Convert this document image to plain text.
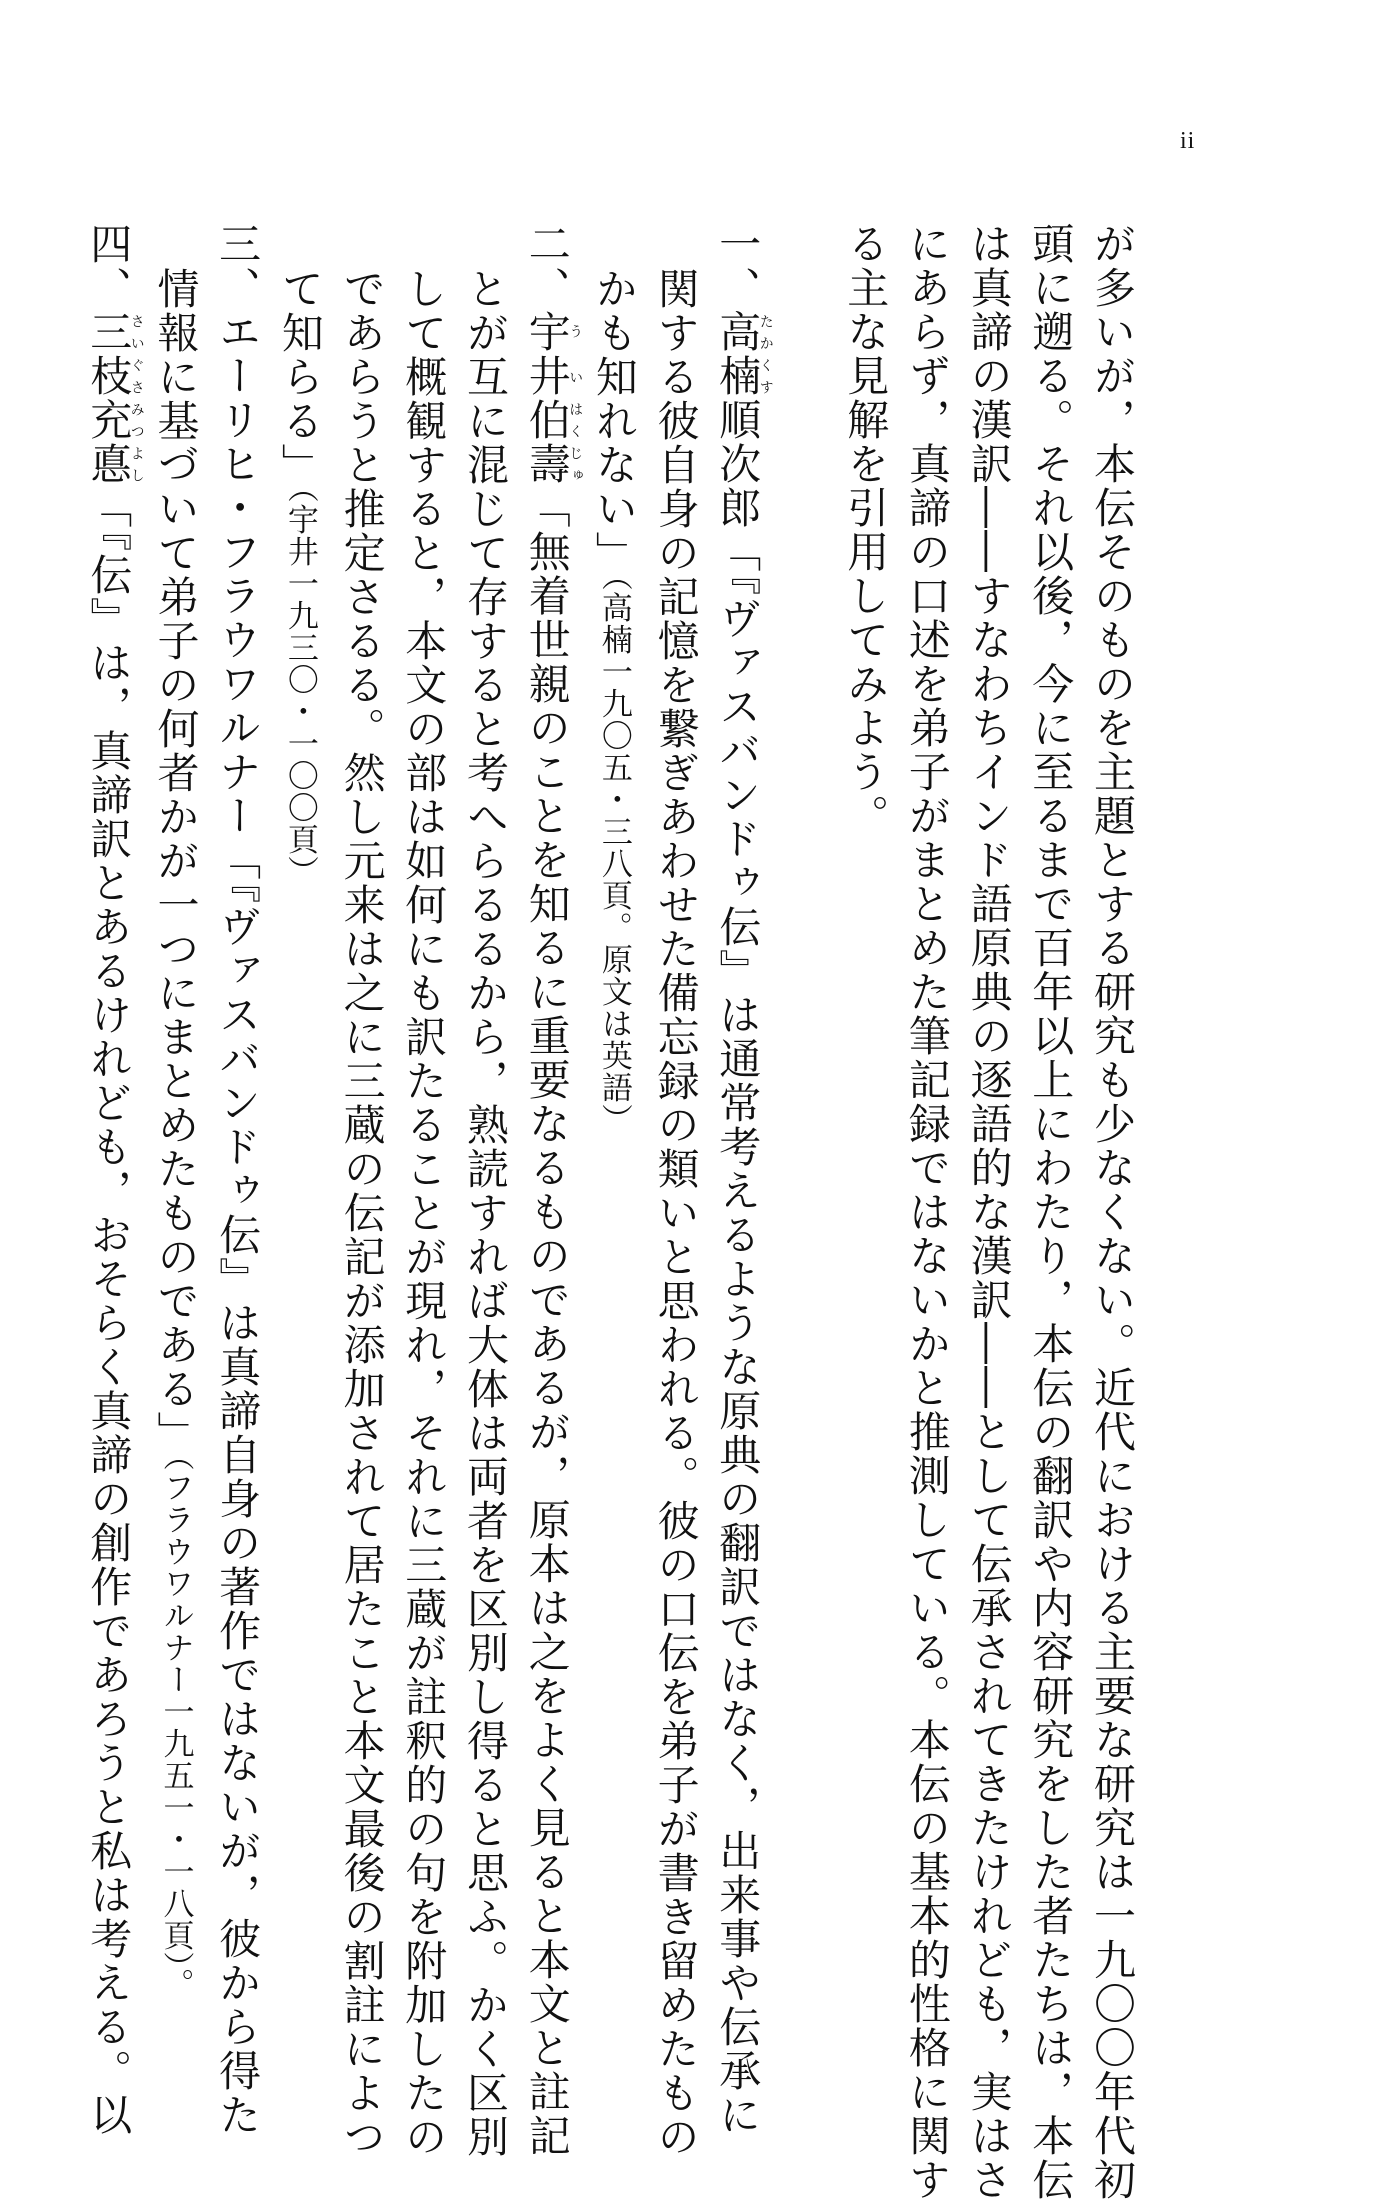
ii
が多いが，本伝そのものを主題とする研究も少なくない。近代における主要な研究は一九〇〇年代初
頭に遡る。それ以後，今に至るまで百年以上にわたり，本伝の翻訳や内容研究をした者たちは，本伝
は真諦の漢訳――すなわちインド語原典の逐語的な漢訳――として伝承されてきたけれども，実はさ
にあらず，真諦の口述を弟子がまとめた筆記録ではないかと推測している。本伝の基本的性格に関す
る主な見解を引用してみよう。
一、高楠たかくす順次郎「『ヴァスバンドゥ伝』は通常考えるような原典の翻訳ではなく，出来事や伝承に
関する彼自身の記憶を繋ぎあわせた備忘録の類いと思われる。彼の口伝を弟子が書き留めたもの
かも知れない」（高楠一九〇五・三八頁。原文は英語）
二、宇井うい伯壽はくじゅ「無着世親のことを知るに重要なるものであるが，原本は之をよく見ると本文と註記
とが互に混じて存すると考へらるるから，熟読すれば大体は両者を区別し得ると思ふ。かく区別
して概観すると，本文の部は如何にも訳たることが現れ，それに三蔵が註釈的の句を附加したの
であらうと推定さるる。然し元来は之に三蔵の伝記が添加されて居たこと本文最後の割註によつ
て知らる」（宇井一九三〇・一〇〇頁）
三、エーリヒ・フラウワルナー「『ヴァスバンドゥ伝』は真諦自身の著作ではないが，彼から得た
情報に基づいて弟子の何者かが一つにまとめたものである」（フラウワルナー一九五一・一八頁）。
四、三枝さいぐさ充悳みつよし「『伝』は，真諦訳とあるけれども，おそらく真諦の創作であろうと私は考える。以
